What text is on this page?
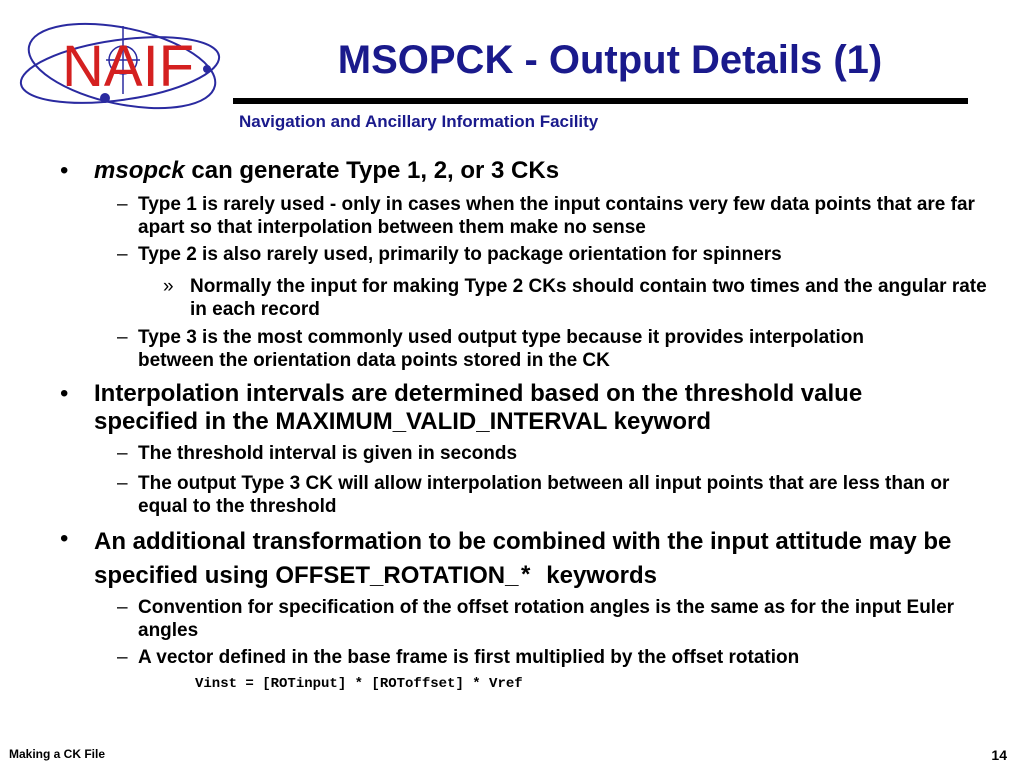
NAIF	MSOPCK - Output Details (1)
Navigation and Ancillary Information Facility
• msopck can generate Type 1, 2, or 3 CKs
– Type 1 is rarely used - only in cases when the input contains very few data points that are far apart so that interpolation between them make no sense
– Type 2 is also rarely used, primarily to package orientation for spinners
» Normally the input for making Type 2 CKs should contain two times and the angular rate in each record
– Type 3 is the most commonly used output type because it provides interpolation between the orientation data points stored in the CK
• Interpolation intervals are determined based on the threshold value specified in the MAXIMUM_VALID_INTERVAL keyword
– The threshold interval is given in seconds
– The output Type 3 CK will allow interpolation between all input points that are less than or equal to the threshold
• An additional transformation to be combined with the input attitude may be specified using OFFSET_ROTATION_*  keywords
– Convention for specification of the offset rotation angles is the same as for the input Euler angles
– A vector defined in the base frame is first multiplied by the offset rotation
Vinst = [ROTinput] * [ROToffset] * Vref
Making a CK File	14
